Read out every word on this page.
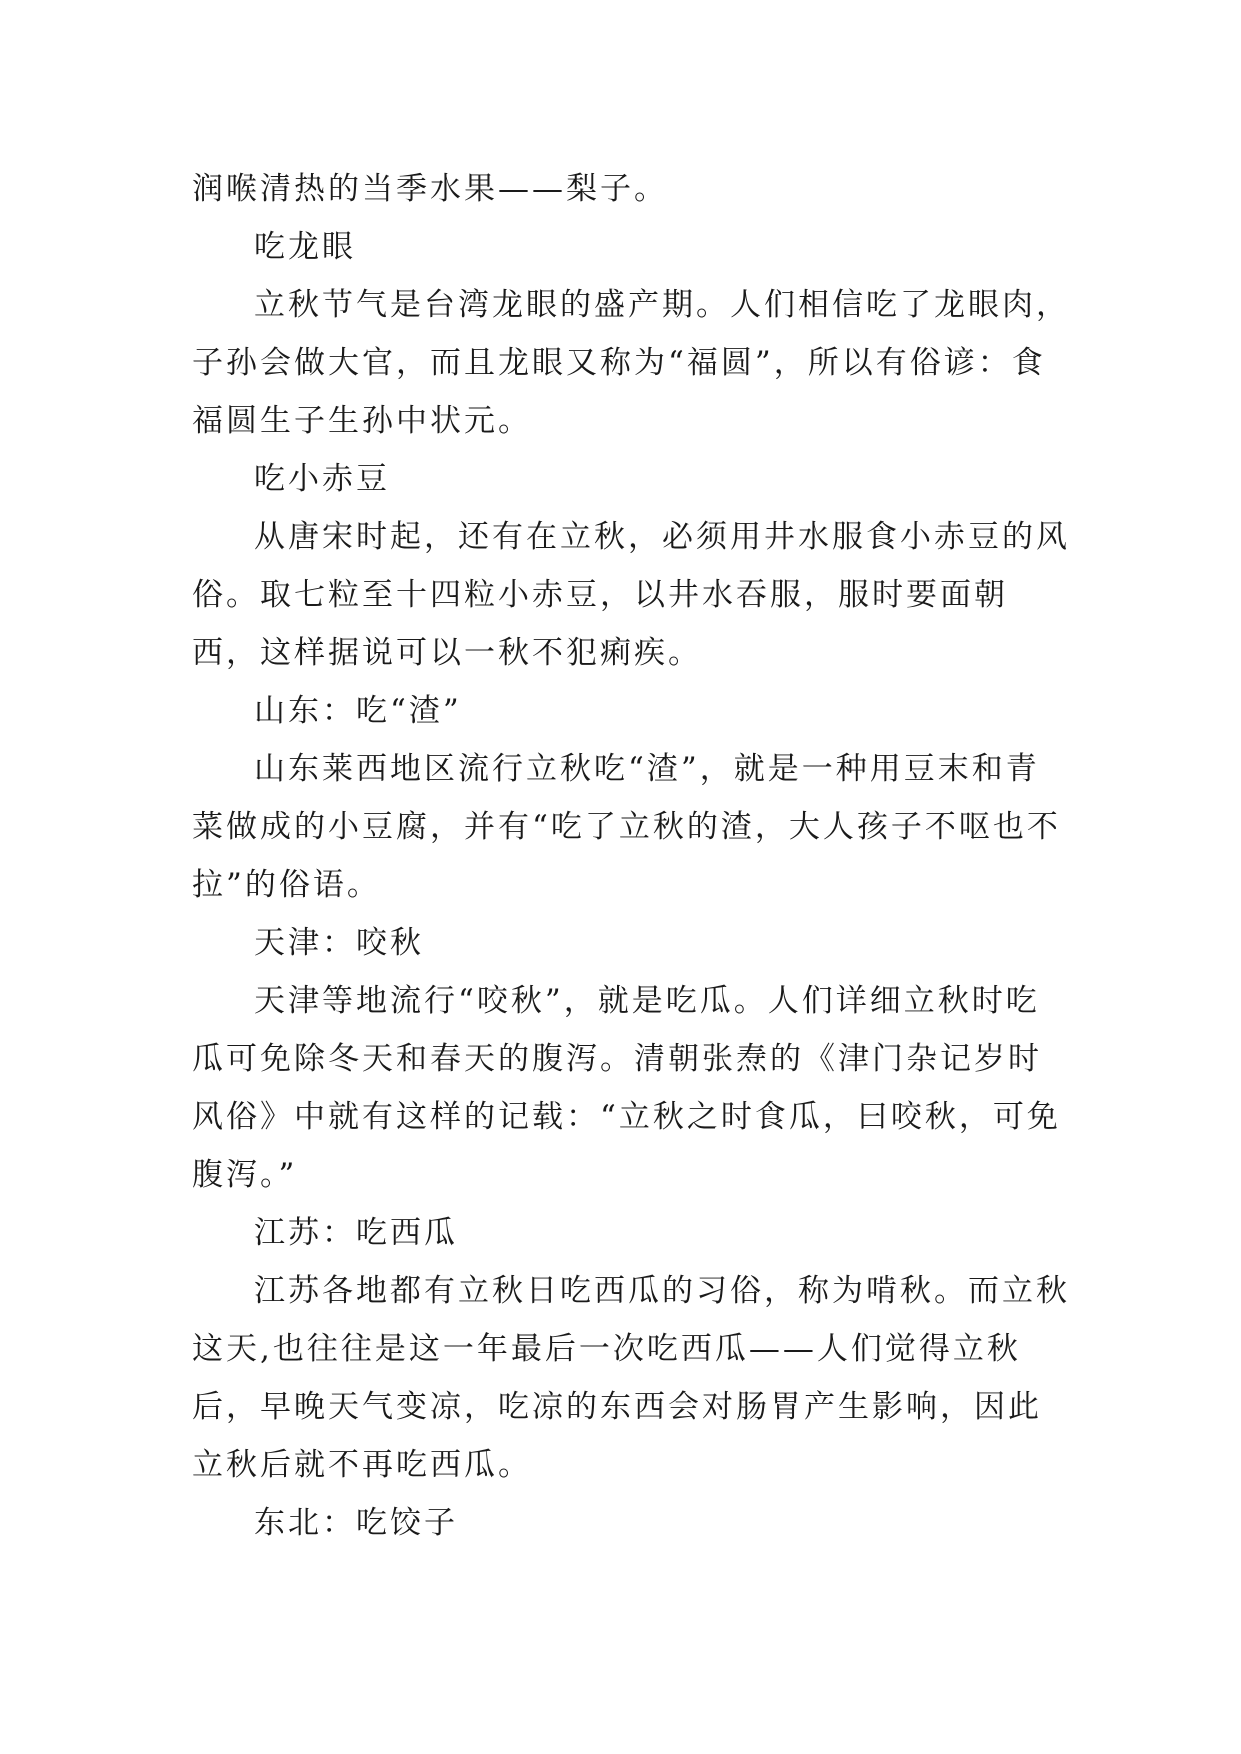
润喉清热的当季水果——梨子。

吃龙眼

立秋节气是台湾龙眼的盛产期。人们相信吃了龙眼肉，子孙会做大官，而且龙眼又称为“福圆”，所以有俗谚：食福圆生子生孙中状元。

吃小赤豆

从唐宋时起，还有在立秋，必须用井水服食小赤豆的风俗。取七粒至十四粒小赤豆，以井水吞服，服时要面朝西，这样据说可以一秋不犯痢疾。

山东：吃“渣”

山东莱西地区流行立秋吃“渣”，就是一种用豆末和青菜做成的小豆腐，并有“吃了立秋的渣，大人孩子不呕也不拉”的俗语。

天津：咬秋

天津等地流行“咬秋”，就是吃瓜。人们详细立秋时吃瓜可免除冬天和春天的腹泻。清朝张焘的《津门杂记岁时风俗》中就有这样的记载：“立秋之时食瓜，曰咬秋，可免腹泻。”

江苏：吃西瓜

江苏各地都有立秋日吃西瓜的习俗，称为啃秋。而立秋这天,也往往是这一年最后一次吃西瓜——人们觉得立秋后，早晚天气变凉，吃凉的东西会对肠胃产生影响，因此立秋后就不再吃西瓜。

东北：吃饺子
